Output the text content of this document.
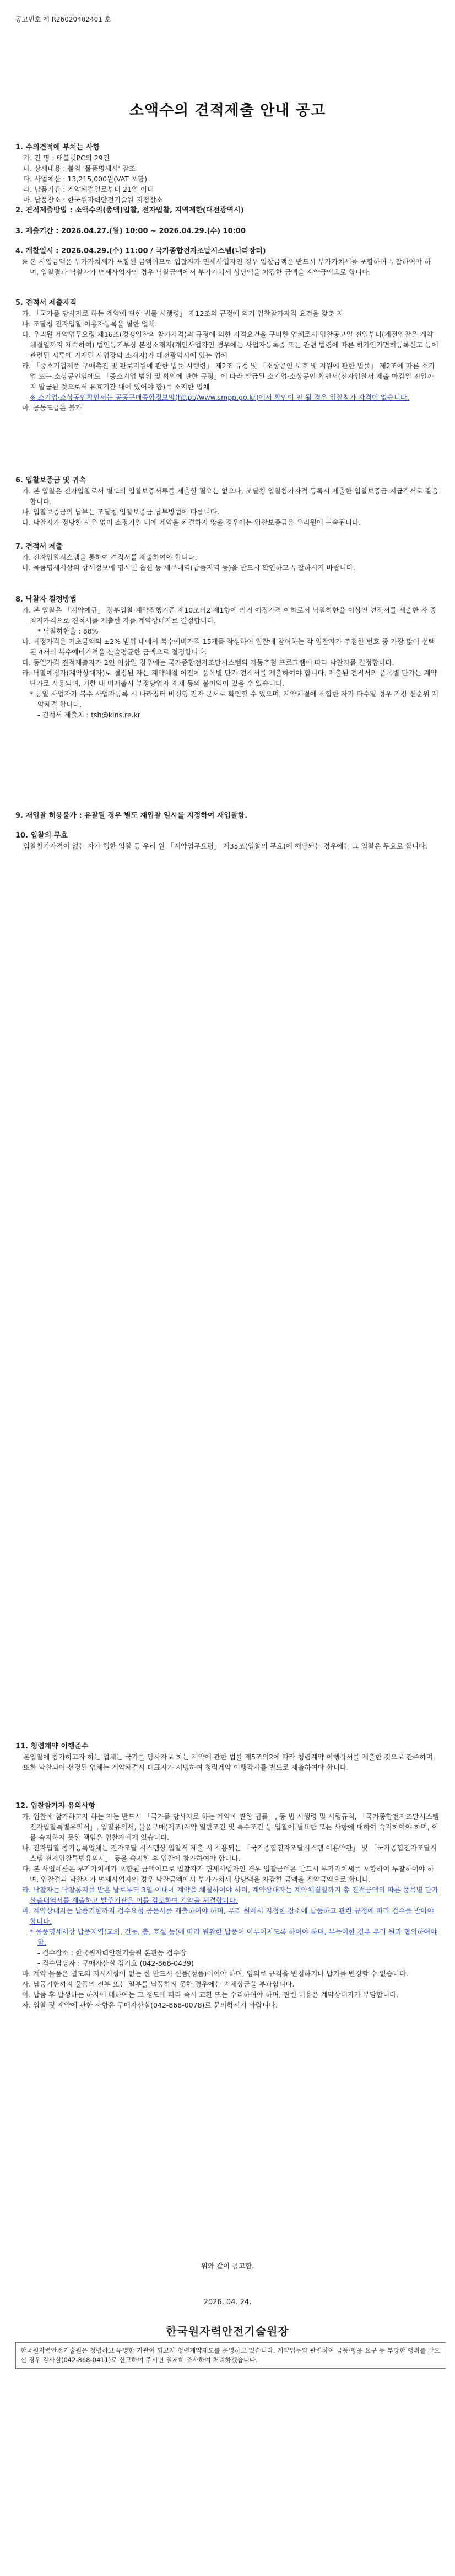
공고번호 제 R26020402401 호
소액수의 견적제출 안내 공고
1. 수의견적에 부치는 사항
가. 건 명 : 태블릿PC외 29건
나. 상세내용 : 붙임 '물품명세서' 참조
다. 사업예산 : 13,215,000원(VAT 포함)
라. 납품기간 : 계약체결일로부터 21일 이내
마. 납품장소 : 한국원자력안전기술원 지정장소
2. 견적제출방법 : 소액수의(총액)입찰, 전자입찰, 지역제한(대전광역시)
3. 제출기간 : 2026.04.27.(월) 10:00 ~ 2026.04.29.(수) 10:00
4. 개찰일시 : 2026.04.29.(수) 11:00 / 국가종합전자조달시스템(나라장터)
※ 본 사업금액은 부가가치세가 포함된 금액이므로 입찰자가 면세사업자인 경우 입찰금액은 반드시 부가가치세를 포함하여 투찰하여야 하며, 입찰결과 낙찰자가 면세사업자인 경우 낙찰금액에서 부가가치세 상당액을 차감한 금액을 계약금액으로 합니다.
5. 견적서 제출자격
가. 「국가를 당사자로 하는 계약에 관한 법률 시행령」 제12조의 규정에 의거 입찰참가자격 요건을 갖춘 자
나. 조달청 전자입찰 이용자등록을 필한 업체.
다. 우리원 계약업무요령 제16조(경쟁입찰의 참가자격)의 규정에 의한 자격요건을 구비한 업체로서 입찰공고일 전일부터(계절입찰은 계약체결일까지 계속하여) 법인등기부상 본점소재지(개인사업자인 경우에는 사업자등록증 또는 관련 법령에 따른 허가인가면허등록신고 등에 관련된 서류에 기재된 사업장의 소재지)가 대전광역시에 있는 업체
라. 「중소기업제품 구매촉진 및 판로지원에 관한 법률 시행령」 제2조 규정 및 「소상공인 보호 및 지원에 관한 법률」 제2조에 따른 소기업 또는 소상공인임에도 「중소기업 범위 및 확인에 관한 규정」에 따라 발급된 소기업·소상공인 확인서(전자입찰서 제출 마감일 전일까지 발급된 것으로서 유효기간 내에 있어야 함)를 소지한 업체
※ 소기업·소상공인확인서는 공공구매종합정보망(http://www.smpp.go.kr)에서 확인이 안 될 경우 입찰참가 자격이 없습니다.
마. 공동도급은 불가
6. 입찰보증금 및 귀속
가. 본 입찰은 전자입찰로서 별도의 입찰보증서류를 제출할 필요는 없으나, 조달청 입찰참가자격 등록시 제출한 입찰보증금 지급각서로 갈음합니다.
나. 입찰보증금의 납부는 조달청 입찰보증금 납부방법에 따릅니다.
다. 낙찰자가 정당한 사유 없이 소정기일 내에 계약을 체결하지 않을 경우에는 입찰보증금은 우리원에 귀속됩니다.
7. 견적서 제출
가. 전자입찰시스템을 통하여 견적서를 제출하여야 합니다.
나. 물품명세서상의 상세정보에 명시된 옵션 등 세부내역(납품지역 등)을 반드시 확인하고 투찰하시기 바랍니다.
8. 낙찰자 결정방법
가. 본 입찰은 「계약예규」 정부입찰·계약집행기준 제10조의2 제1항에 의거 예정가격 이하로서 낙찰하한율 이상인 견적서를 제출한 자 중 최저가격으로 견적서를 제출한 자를 계약상대자로 결정합니다.
* 낙찰하한율 : 88%
나. 예정가격은 기초금액의 ±2% 범위 내에서 복수예비가격 15개를 작성하여 입찰에 참여하는 각 입찰자가 추첨한 번호 중 가장 많이 선택된 4개의 복수예비가격을 산술평균한 금액으로 결정합니다.
다. 동일가격 견적제출자가 2인 이상일 경우에는 국가종합전자조달시스템의 자동추첨 프로그램에 따라 낙찰자를 결정합니다.
라. 낙찰예정자(계약상대자)로 결정된 자는 계약체결 이전에 품목별 단가 견적서를 제출하여야 합니다. 제출된 견적서의 품목별 단가는 계약단가로 사용되며, 기한 내 미제출시 부정당업자 제재 등의 불이익이 있을 수 있습니다.
* 동일 사업자가 복수 사업자등록 시 나라장터 비정형 전자 문서로 확인할 수 있으며, 계약체결에 적합한 자가 다수일 경우 가장 선순위 계약체결 합니다.
- 견적서 제출처 : tsh@kins.re.kr
9. 재입찰 허용불가 : 유찰될 경우 별도 재입찰 일시를 지정하여 재입찰함.
10. 입찰의 무효
입찰참가자격이 없는 자가 행한 입찰 등 우리 원 「계약업무요령」 제35조(입찰의 무효)에 해당되는 경우에는 그 입찰은 무효로 합니다.
11. 청렴계약 이행준수
본입찰에 참가하고자 하는 업체는 국가를 당사자로 하는 계약에 관한 법률 제5조의2에 따라 청렴계약 이행각서를 제출한 것으로 간주하며, 또한 낙찰되어 선정된 업체는 계약체결시 대표자가 서명하여 청렴계약 이행각서를 별도로 제출하여야 합니다.
12. 입찰참가자 유의사항
가. 입찰에 참가하고자 하는 자는 반드시 「국가를 당사자로 하는 계약에 관한 법률」, 동 법 시행령 및 시행규칙, 「국가종합전자조달시스템 전자입찰특별유의서」, 입찰유의서, 물품구매(제조)계약 일반조건 및 특수조건 등 입찰에 필요한 모든 사항에 대하여 숙지하여야 하며, 이를 숙지하지 못한 책임은 입찰자에게 있습니다.
나. 전자입찰 참가등록업체는 전자조달 시스템상 입찰서 제출 시 적용되는 「국가종합전자조달시스템 이용약관」 및 「국가종합전자조달시스템 전자입찰특별유의서」 등을 숙지한 후 입찰에 참가하여야 합니다.
다. 본 사업예산은 부가가치세가 포함된 금액이므로 입찰자가 면세사업자인 경우 입찰금액은 반드시 부가가치세를 포함하여 투찰하여야 하며, 입찰결과 낙찰자가 면세사업자인 경우 낙찰금액에서 부가가치세 상당액을 차감한 금액을 계약금액으로 합니다.
라. 낙찰자는 낙찰통지를 받은 날로부터 3일 이내에 계약을 체결하여야 하며, 계약상대자는 계약체결일까지 총 견적금액의 따른 품목별 단가 산출내역서를 제출하고 발주기관은 이를 검토하여 계약을 체결합니다.
마. 계약상대자는 납품기한까지 검수요청 공문서를 제출하여야 하며, 우리 원에서 지정한 장소에 납품하고 관련 규정에 따라 검수를 받아야 합니다.
* 물품명세서상 납품지역(교외, 건물, 층, 호실 등)에 따라 원활한 납품이 이루어지도록 하여야 하며, 부득이한 경우 우리 원과 협의하여야 함.
- 검수장소 : 한국원자력안전기술원 본관동 검수장
- 검수담당자 : 구매자산실 김기호 (042-868-0439)
바. 계약 물품은 별도의 지시사항이 없는 한 반드시 신품(정품)이어야 하며, 임의로 규격을 변경하거나 납기를 변경할 수 없습니다.
사. 납품기한까지 물품의 전부 또는 일부를 납품하지 못한 경우에는 지체상금을 부과합니다.
아. 납품 후 발생하는 하자에 대하여는 그 정도에 따라 즉시 교환 또는 수리하여야 하며, 관련 비용은 계약상대자가 부담합니다.
자. 입찰 및 계약에 관한 사항은 구매자산실(042-868-0078)로 문의하시기 바랍니다.
위와 같이 공고함.
2026. 04. 24.
한국원자력안전기술원장
한국원자력안전기술원은 청렴하고 투명한 기관이 되고자 청렴계약제도를 운영하고 있습니다. 계약업무와 관련하여 금품·향응 요구 등 부당한 행위를 받으신 경우 감사실(042-868-0411)로 신고하여 주시면 철저히 조사하여 처리하겠습니다.
